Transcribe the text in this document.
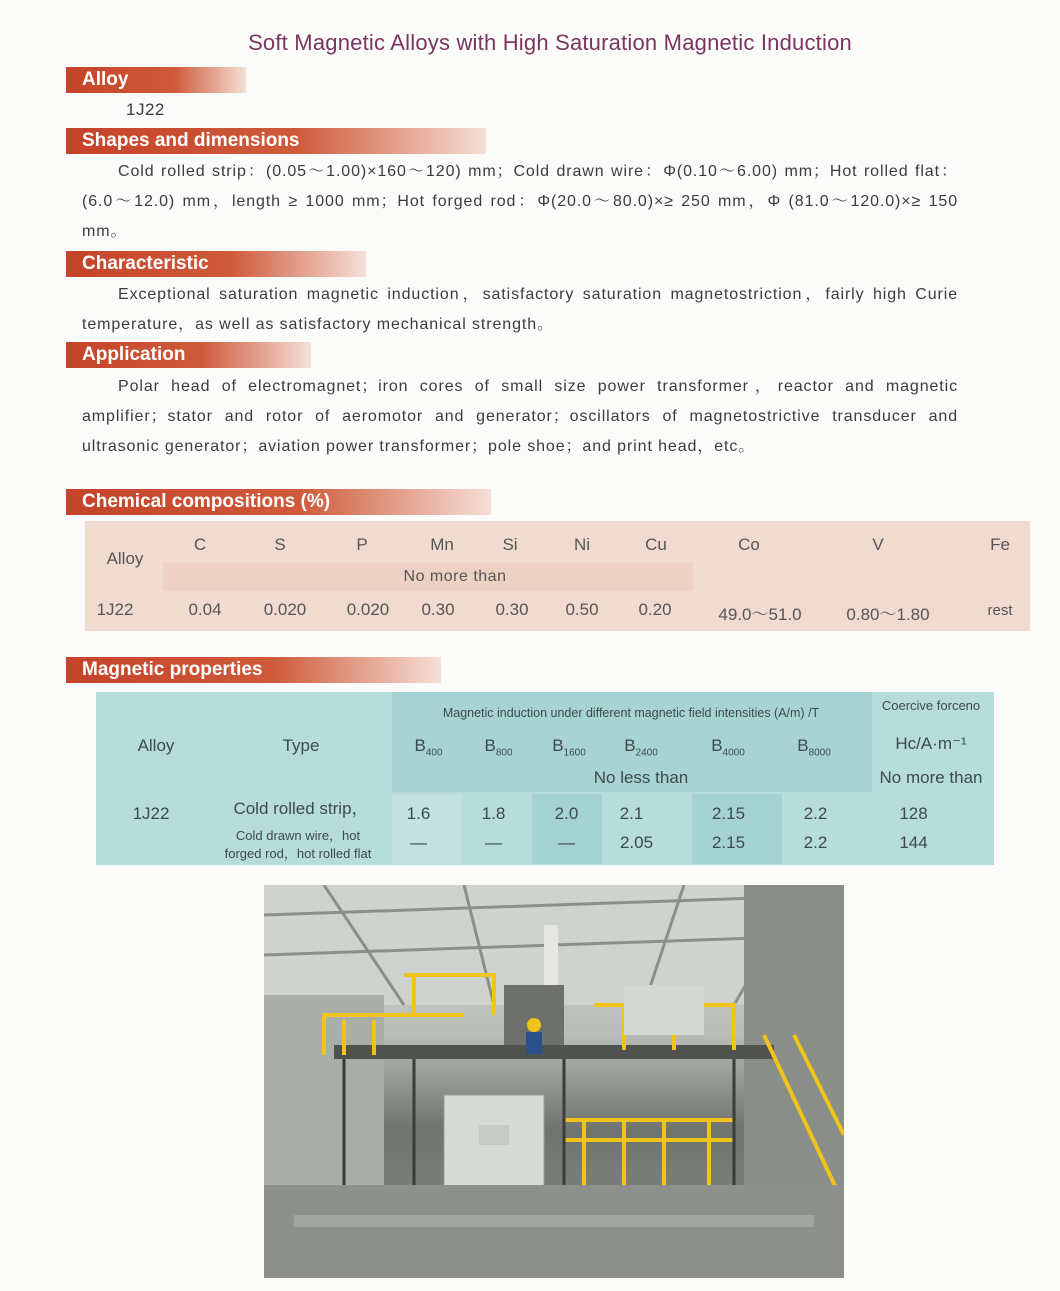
Soft Magnetic Alloys with High Saturation Magnetic Induction
Alloy
1J22
Shapes and dimensions
Cold rolled strip：(0.05～1.00)×160～120) mm；Cold drawn wire：Φ(0.10～6.00) mm；Hot rolled flat：(6.0～12.0) mm，length ≥ 1000 mm；Hot forged rod：Φ(20.0～80.0)×≥ 250 mm，Φ (81.0～120.0)×≥ 150 mm。
Characteristic
Exceptional saturation magnetic induction，satisfactory saturation magnetostriction，fairly high Curie temperature，as well as satisfactory mechanical strength。
Application
Polar head of electromagnet；iron cores of small size power transformer，reactor and magnetic amplifier；stator and rotor of aeromotor and generator；oscillators of magnetostrictive transducer and ultrasonic generator；aviation power transformer；pole shoe；and print head，etc。
Chemical compositions (%)
Alloy
C	S	P	Mn	Si	Ni	Cu	Co	V	Fe
No more than
1J22	0.04	0.020	0.020	0.30	0.30	0.50	0.20	49.0～51.0	0.80～1.80	rest
Magnetic properties
Alloy	Type
Magnetic induction under different magnetic field intensities (A/m) /T	Coercive forceno
Hc/A·m⁻¹
$B_{400}$	$B_{800}$	$B_{1600}$	$B_{2400}$	$B_{4000}$	$B_{8000}$
No less than	No more than
1J22	Cold rolled strip，	1.6	1.8	2.0	2.1	2.15	2.2	128
Cold drawn wire，hot
forged rod，hot rolled flat
—	—	—	2.05	2.15	2.2	144
